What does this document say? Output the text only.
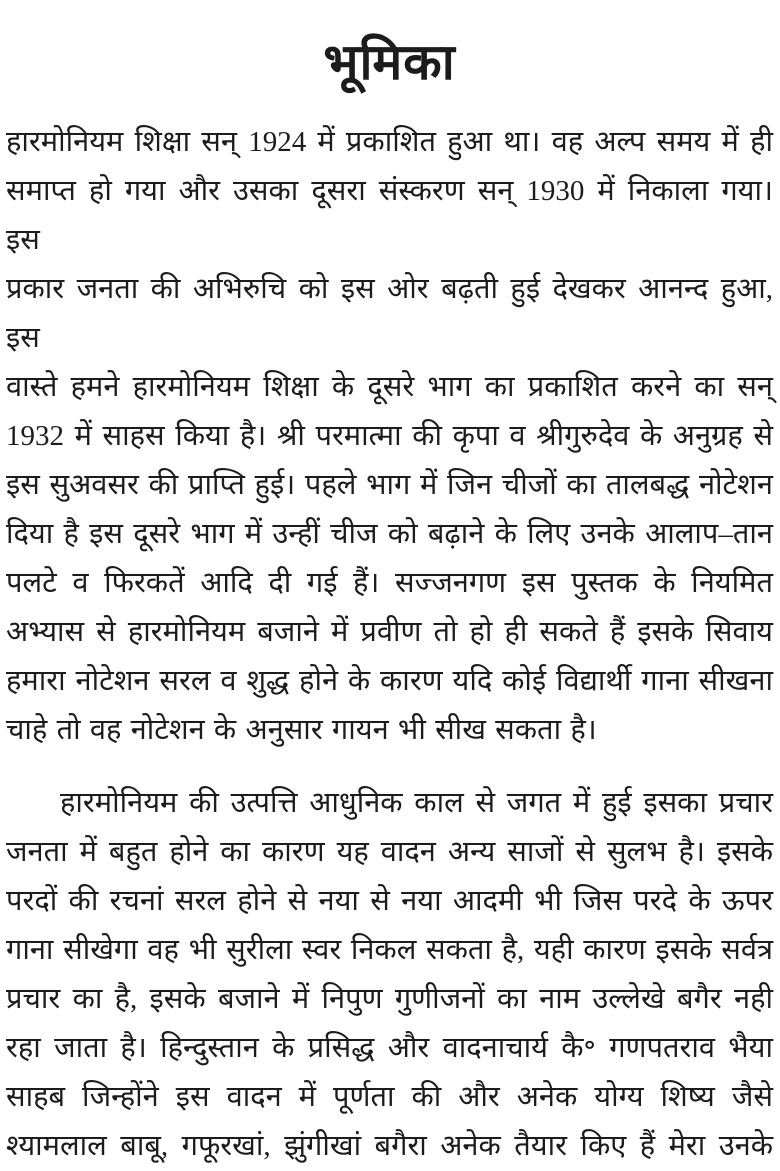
भूमिका
हारमोनियम शिक्षा सन् 1924 में प्रकाशित हुआ था। वह अल्प समय में ही
समाप्त हो गया और उसका दूसरा संस्करण सन् 1930 में निकाला गया। इस
प्रकार जनता की अभिरुचि को इस ओर बढ़ती हुई देखकर आनन्द हुआ, इस
वास्ते हमने हारमोनियम शिक्षा के दूसरे भाग का प्रकाशित करने का सन्
1932 में साहस किया है। श्री परमात्मा की कृपा व श्रीगुरुदेव के अनुग्रह से
इस सुअवसर की प्राप्ति हुई। पहले भाग में जिन चीजों का तालबद्ध नोटेशन
दिया है इस दूसरे भाग में उन्हीं चीज को बढ़ाने के लिए उनके आलाप–तान
पलटे व फिरकतें आदि दी गई हैं। सज्जनगण इस पुस्तक के नियमित
अभ्यास से हारमोनियम बजाने में प्रवीण तो हो ही सकते हैं इसके सिवाय
हमारा नोटेशन सरल व शुद्ध होने के कारण यदि कोई विद्यार्थी गाना सीखना
चाहे तो वह नोटेशन के अनुसार गायन भी सीख सकता है।
हारमोनियम की उत्पत्ति आधुनिक काल से जगत में हुई इसका प्रचार
जनता में बहुत होने का कारण यह वादन अन्य साजों से सुलभ है। इसके
परदों की रचनां सरल होने से नया से नया आदमी भी जिस परदे के ऊपर
गाना सीखेगा वह भी सुरीला स्वर निकल सकता है, यही कारण इसके सर्वत्र
प्रचार का है, इसके बजाने में निपुण गुणीजनों का नाम उल्लेखे बगैर नही
रहा जाता है। हिन्दुस्तान के प्रसिद्ध और वादनाचार्य कै॰ गणपतराव भैया
साहब जिन्होंने इस वादन में पूर्णता की और अनेक योग्य शिष्य जैसे
श्यामलाल बाबू, गफूरखां, झुंगीखां बगैरा अनेक तैयार किए हैं मेरा उनके
